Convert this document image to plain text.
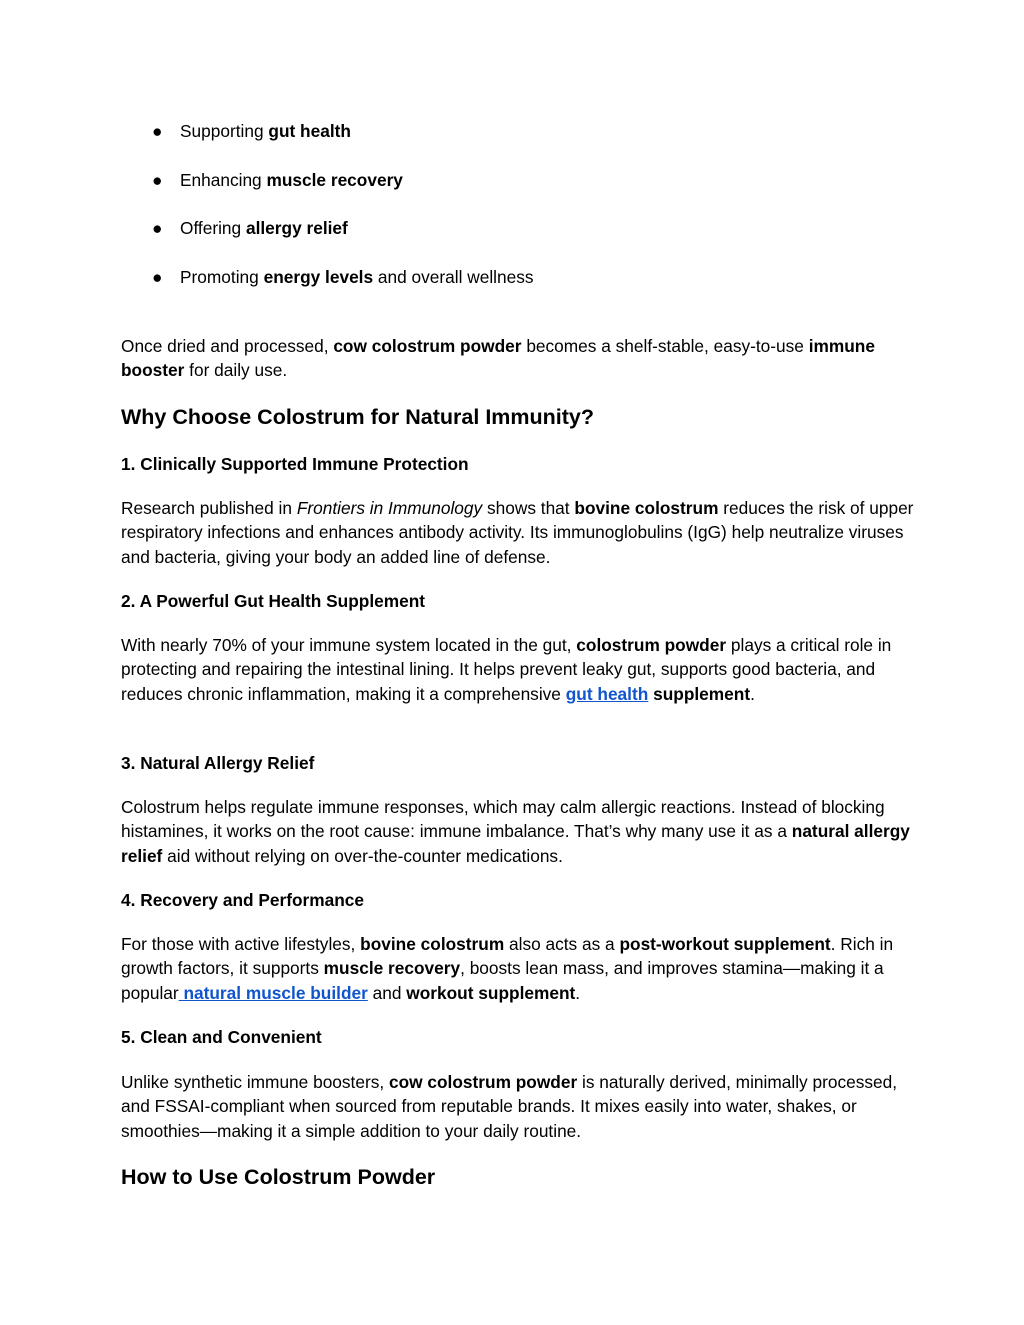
● Supporting gut health
● Enhancing muscle recovery
● Offering allergy relief
● Promoting energy levels and overall wellness

Once dried and processed, cow colostrum powder becomes a shelf-stable, easy-to-use immune booster for daily use.

Why Choose Colostrum for Natural Immunity?
1. Clinically Supported Immune Protection

Research published in Frontiers in Immunology shows that bovine colostrum reduces the risk of upper respiratory infections and enhances antibody activity. Its immunoglobulins (IgG) help neutralize viruses and bacteria, giving your body an added line of defense.

2. A Powerful Gut Health Supplement

With nearly 70% of your immune system located in the gut, colostrum powder plays a critical role in protecting and repairing the intestinal lining. It helps prevent leaky gut, supports good bacteria, and reduces chronic inflammation, making it a comprehensive gut health supplement.

3. Natural Allergy Relief

Colostrum helps regulate immune responses, which may calm allergic reactions. Instead of blocking histamines, it works on the root cause: immune imbalance. That’s why many use it as a natural allergy relief aid without relying on over-the-counter medications.

4. Recovery and Performance

For those with active lifestyles, bovine colostrum also acts as a post-workout supplement. Rich in growth factors, it supports muscle recovery, boosts lean mass, and improves stamina—making it a popular natural muscle builder and workout supplement.

5. Clean and Convenient

Unlike synthetic immune boosters, cow colostrum powder is naturally derived, minimally processed, and FSSAI-compliant when sourced from reputable brands. It mixes easily into water, shakes, or smoothies—making it a simple addition to your daily routine.

How to Use Colostrum Powder
